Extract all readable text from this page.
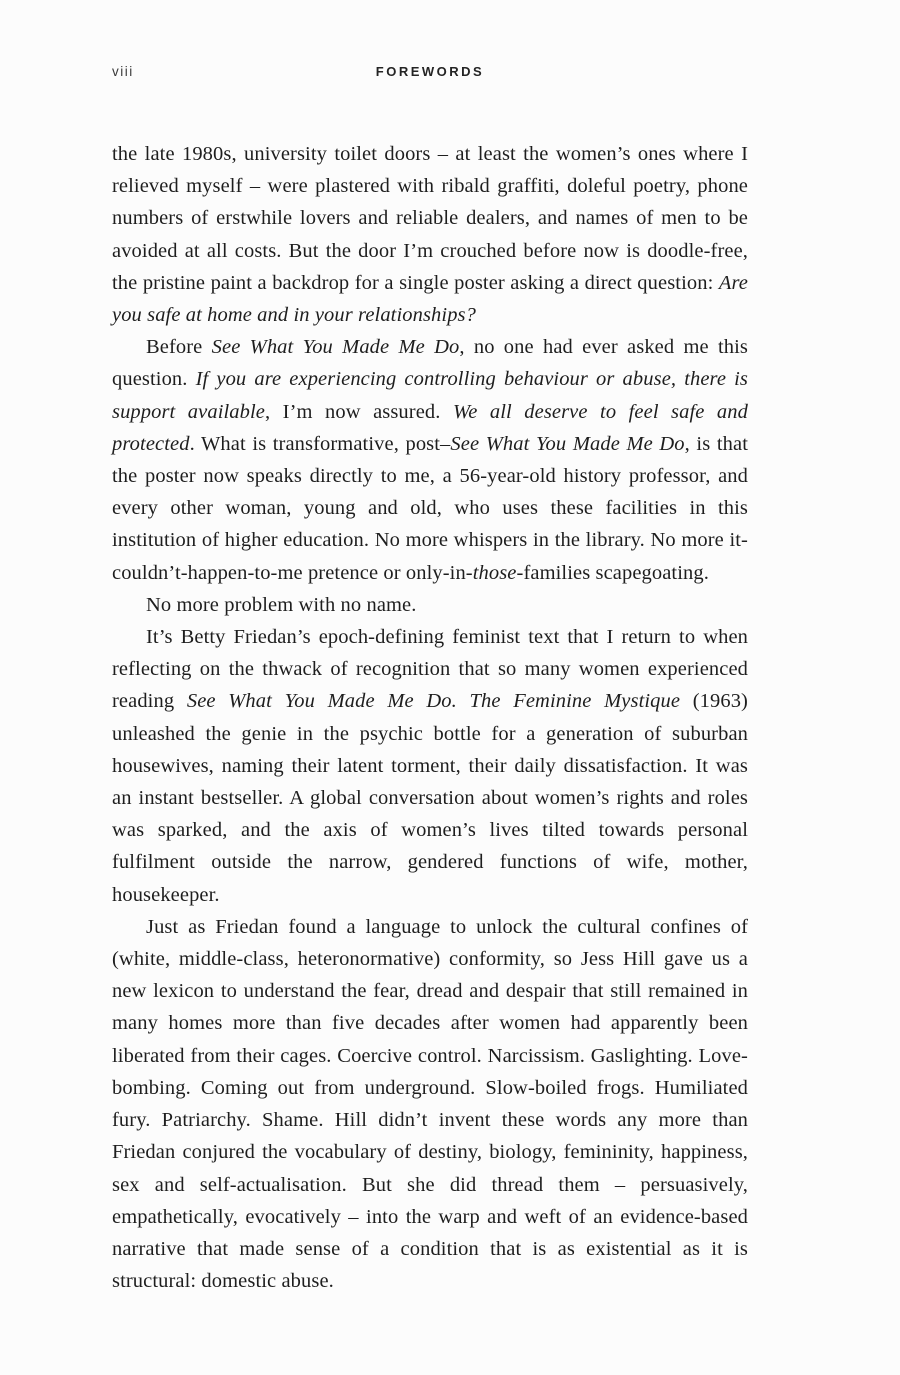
viii	FOREWORDS

the late 1980s, university toilet doors – at least the women’s ones where I relieved myself – were plastered with ribald graffiti, doleful poetry, phone numbers of erstwhile lovers and reliable dealers, and names of men to be avoided at all costs. But the door I’m crouched before now is doodle-free, the pristine paint a backdrop for a single poster asking a direct question: Are you safe at home and in your relationships?

Before See What You Made Me Do, no one had ever asked me this question. If you are experiencing controlling behaviour or abuse, there is support available, I’m now assured. We all deserve to feel safe and protected. What is transformative, post–See What You Made Me Do, is that the poster now speaks directly to me, a 56-year-old history professor, and every other woman, young and old, who uses these facilities in this institution of higher education. No more whispers in the library. No more it-couldn’t-happen-to-me pretence or only-in-those-families scapegoating.

No more problem with no name.

It’s Betty Friedan’s epoch-defining feminist text that I return to when reflecting on the thwack of recognition that so many women experienced reading See What You Made Me Do. The Feminine Mystique (1963) unleashed the genie in the psychic bottle for a generation of suburban housewives, naming their latent torment, their daily dissatisfaction. It was an instant bestseller. A global conversation about women’s rights and roles was sparked, and the axis of women’s lives tilted towards personal fulfilment outside the narrow, gendered functions of wife, mother, housekeeper.

Just as Friedan found a language to unlock the cultural confines of (white, middle-class, heteronormative) conformity, so Jess Hill gave us a new lexicon to understand the fear, dread and despair that still remained in many homes more than five decades after women had apparently been liberated from their cages. Coercive control. Narcissism. Gaslighting. Love-bombing. Coming out from underground. Slow-boiled frogs. Humiliated fury. Patriarchy. Shame. Hill didn’t invent these words any more than Friedan conjured the vocabulary of destiny, biology, femininity, happiness, sex and self-actualisation. But she did thread them – persuasively, empathetically, evocatively – into the warp and weft of an evidence-based narrative that made sense of a condition that is as existential as it is structural: domestic abuse.
